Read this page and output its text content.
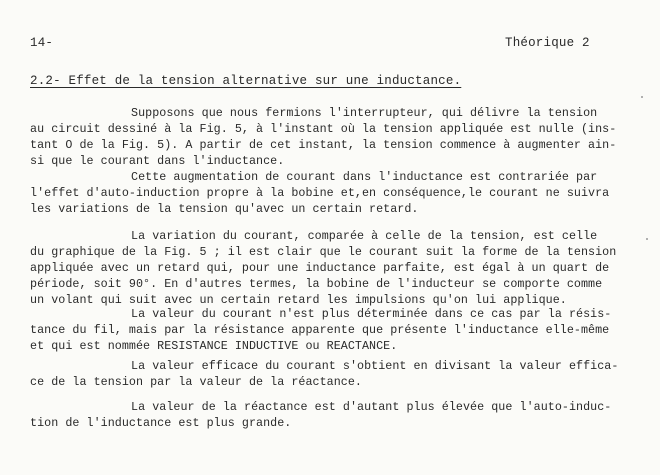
14-	Théorique 2
2.2- Effet de la tension alternative sur une inductance.
Supposons que nous fermions l'interrupteur, qui délivre la tension
au circuit dessiné à la Fig. 5, à l'instant où la tension appliquée est nulle (ins-
tant O de la Fig. 5). A partir de cet instant, la tension commence à augmenter ain-
si que le courant dans l'inductance.
Cette augmentation de courant dans l'inductance est contrariée par
l'effet d'auto-induction propre à la bobine et,en conséquence,le courant ne suivra
les variations de la tension qu'avec un certain retard.
La variation du courant, comparée à celle de la tension, est celle
du graphique de la Fig. 5 ; il est clair que le courant suit la forme de la tension
appliquée avec un retard qui, pour une inductance parfaite, est égal à un quart de
période, soit 90°. En d'autres termes, la bobine de l'inducteur se comporte comme
un volant qui suit avec un certain retard les impulsions qu'on lui applique.
La valeur du courant n'est plus déterminée dans ce cas par la résis-
tance du fil, mais par la résistance apparente que présente l'inductance elle-même
et qui est nommée RESISTANCE INDUCTIVE ou REACTANCE.
La valeur efficace du courant s'obtient en divisant la valeur effica-
ce de la tension par la valeur de la réactance.
La valeur de la réactance est d'autant plus élevée que l'auto-induc-
tion de l'inductance est plus grande.
